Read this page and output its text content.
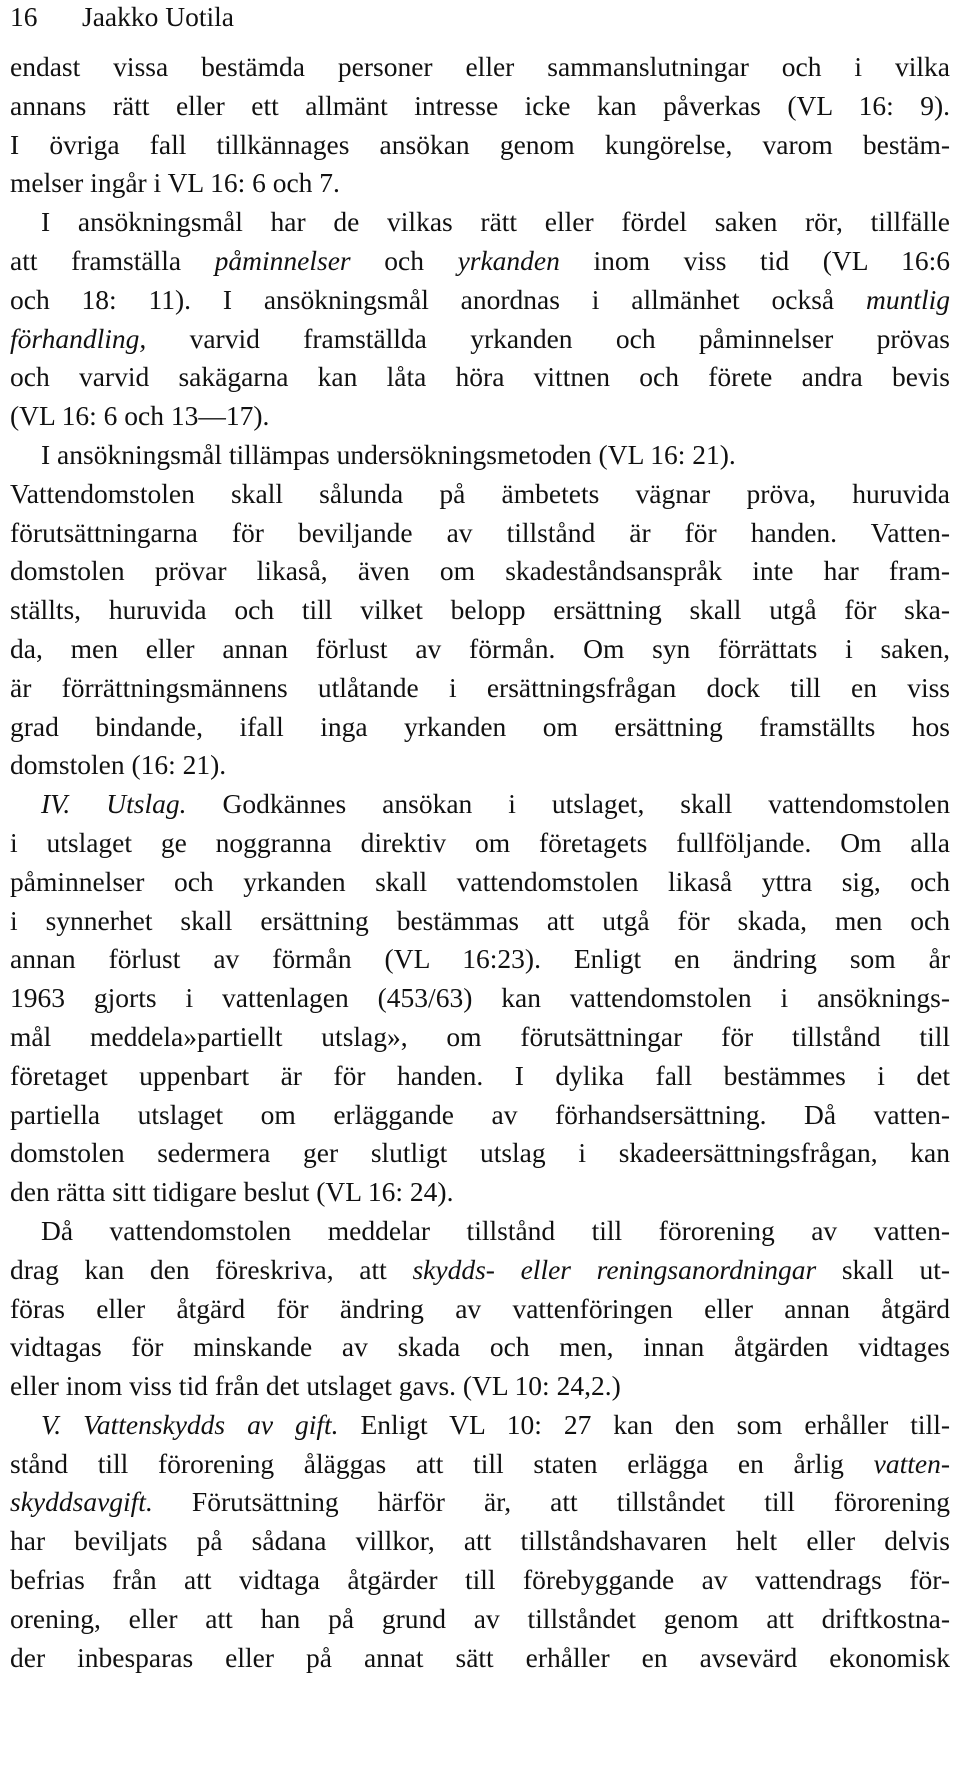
16 Jaakko Uotila
endast vissa bestämda personer eller sammanslutningar och i vilka
annans rätt eller ett allmänt intresse icke kan påverkas (VL 16: 9).
I övriga fall tillkännages ansökan genom kungörelse, varom bestäm-
melser ingår i VL 16: 6 och 7.
I ansökningsmål har de vilkas rätt eller fördel saken rör, tillfälle
att framställa påminnelser och yrkanden inom viss tid (VL 16:6
och 18: 11). I ansökningsmål anordnas i allmänhet också muntlig
förhandling, varvid framställda yrkanden och påminnelser prövas
och varvid sakägarna kan låta höra vittnen och förete andra bevis
(VL 16: 6 och 13—17).
I ansökningsmål tillämpas undersökningsmetoden (VL 16: 21).
Vattendomstolen skall sålunda på ämbetets vägnar pröva, huruvida
förutsättningarna för beviljande av tillstånd är för handen. Vatten-
domstolen prövar likaså, även om skadeståndsanspråk inte har fram-
ställts, huruvida och till vilket belopp ersättning skall utgå för ska-
da, men eller annan förlust av förmån. Om syn förrättats i saken,
är förrättningsmännens utlåtande i ersättningsfrågan dock till en viss
grad bindande, ifall inga yrkanden om ersättning framställts hos
domstolen (16: 21).
IV. Utslag. Godkännes ansökan i utslaget, skall vattendomstolen
i utslaget ge noggranna direktiv om företagets fullföljande. Om alla
påminnelser och yrkanden skall vattendomstolen likaså yttra sig, och
i synnerhet skall ersättning bestämmas att utgå för skada, men och
annan förlust av förmån (VL 16:23). Enligt en ändring som år
1963 gjorts i vattenlagen (453/63) kan vattendomstolen i ansöknings-
mål meddela»partiellt utslag», om förutsättningar för tillstånd till
företaget uppenbart är för handen. I dylika fall bestämmes i det
partiella utslaget om erläggande av förhandsersättning. Då vatten-
domstolen sedermera ger slutligt utslag i skadeersättningsfrågan, kan
den rätta sitt tidigare beslut (VL 16: 24).
Då vattendomstolen meddelar tillstånd till förorening av vatten-
drag kan den föreskriva, att skydds- eller reningsanordningar skall ut-
föras eller åtgärd för ändring av vattenföringen eller annan åtgärd
vidtagas för minskande av skada och men, innan åtgärden vidtages
eller inom viss tid från det utslaget gavs. (VL 10: 24,2.)
V. Vattenskydds av gift. Enligt VL 10: 27 kan den som erhåller till-
stånd till förorening åläggas att till staten erlägga en årlig vatten-
skyddsavgift. Förutsättning härför är, att tillståndet till förorening
har beviljats på sådana villkor, att tillståndshavaren helt eller delvis
befrias från att vidtaga åtgärder till förebyggande av vattendrags för-
orening, eller att han på grund av tillståndet genom att driftkostna-
der inbesparas eller på annat sätt erhåller en avsevärd ekonomisk
